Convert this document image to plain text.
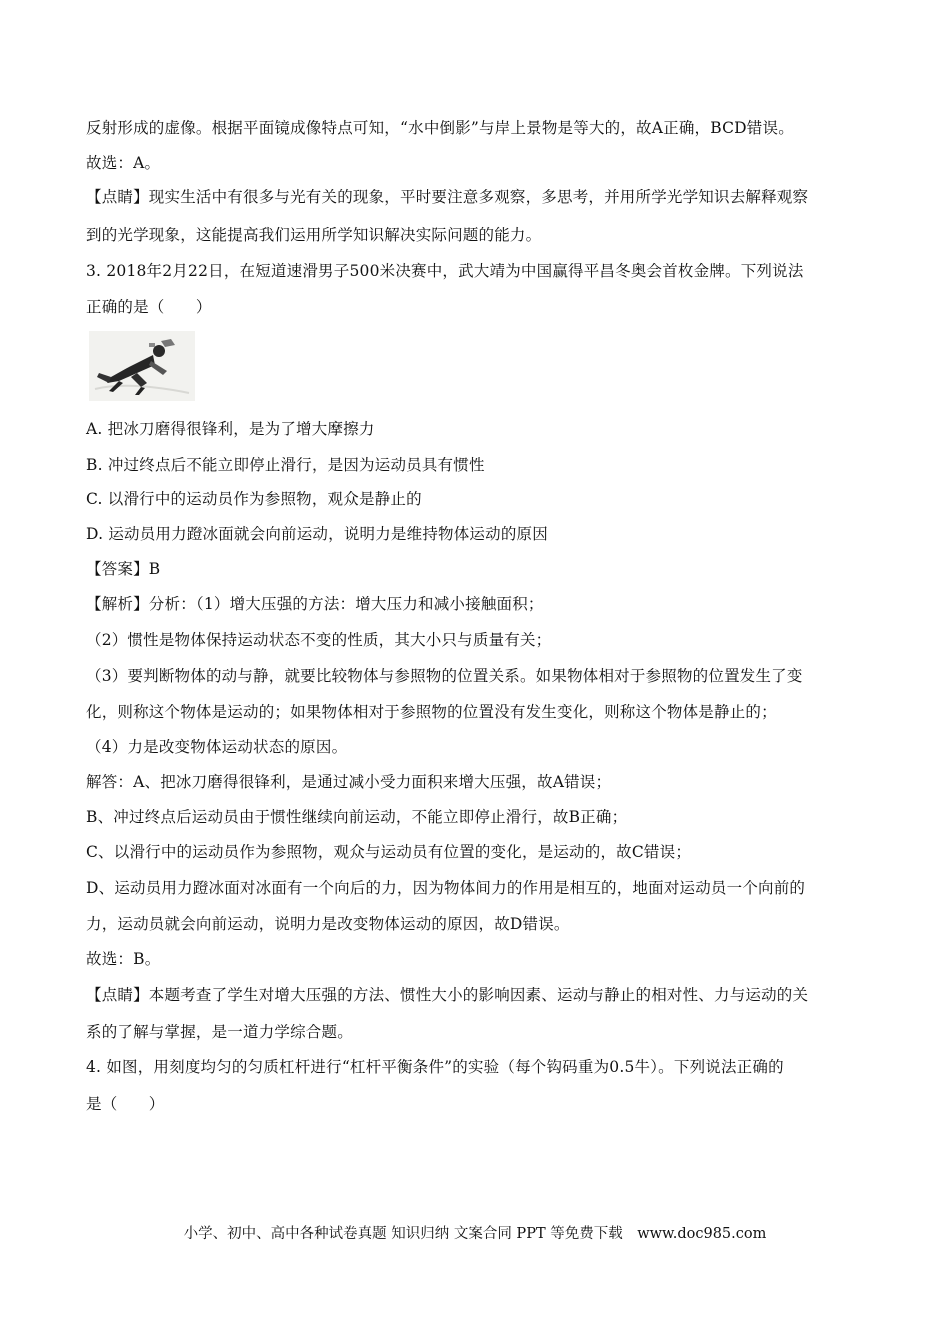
反射形成的虚像。根据平面镜成像特点可知，“水中倒影”与岸上景物是等大的，故A正确，BCD错误。
故选：A。
【点睛】现实生活中有很多与光有关的现象，平时要注意多观察，多思考，并用所学光学知识去解释观察
到的光学现象，这能提高我们运用所学知识解决实际问题的能力。
3. 2018年2月22日，在短道速滑男子500米决赛中，武大靖为中国赢得平昌冬奥会首枚金牌。下列说法
正确的是（　　）
A. 把冰刀磨得很锋利，是为了增大摩擦力
B. 冲过终点后不能立即停止滑行，是因为运动员具有惯性
C. 以滑行中的运动员作为参照物，观众是静止的
D. 运动员用力蹬冰面就会向前运动，说明力是维持物体运动的原因
【答案】B
【解析】分析：（1）增大压强的方法：增大压力和减小接触面积；
（2）惯性是物体保持运动状态不变的性质，其大小只与质量有关；
（3）要判断物体的动与静，就要比较物体与参照物的位置关系。如果物体相对于参照物的位置发生了变
化，则称这个物体是运动的；如果物体相对于参照物的位置没有发生变化，则称这个物体是静止的；
（4）力是改变物体运动状态的原因。
解答：A、把冰刀磨得很锋利，是通过减小受力面积来增大压强，故A错误；
B、冲过终点后运动员由于惯性继续向前运动，不能立即停止滑行，故B正确；
C、以滑行中的运动员作为参照物，观众与运动员有位置的变化，是运动的，故C错误；
D、运动员用力蹬冰面对冰面有一个向后的力，因为物体间力的作用是相互的，地面对运动员一个向前的
力，运动员就会向前运动，说明力是改变物体运动的原因，故D错误。
故选：B。
【点睛】本题考查了学生对增大压强的方法、惯性大小的影响因素、运动与静止的相对性、力与运动的关
系的了解与掌握，是一道力学综合题。
4. 如图，用刻度均匀的匀质杠杆进行“杠杆平衡条件”的实验（每个钩码重为0.5牛）。下列说法正确的
是（　　）
小学、初中、高中各种试卷真题 知识归纳 文案合同 PPT 等免费下载　www.doc985.com
